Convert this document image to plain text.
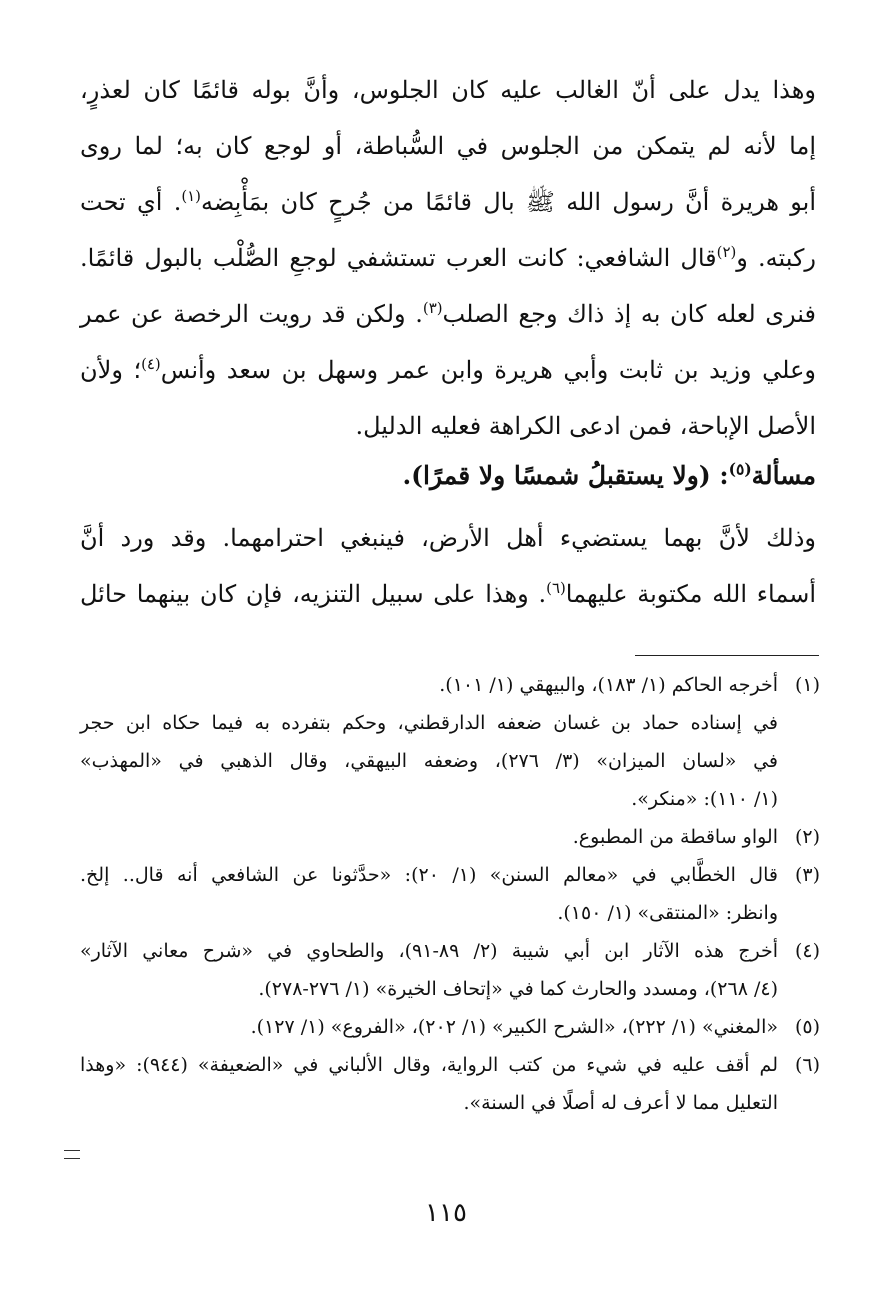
وهذا يدل على أنّ الغالب عليه كان الجلوس، وأنَّ بوله قائمًا كان لعذرٍ،
إما لأنه لم يتمكن من الجلوس في السُّباطة، أو لوجع كان به؛ لما روى
أبو هريرة أنَّ رسول الله ﷺ بال قائمًا من جُرحٍ كان بمَأْبِضه$^{(١)}$. أي تحت
ركبته. و$^{(٢)}$قال الشافعي: كانت العرب تستشفي لوجعِ الصُّلْب بالبول قائمًا.
فنرى لعله كان به إذ ذاك وجع الصلب$^{(٣)}$. ولكن قد رويت الرخصة عن عمر
وعلي وزيد بن ثابت وأبي هريرة وابن عمر وسهل بن سعد وأنس$^{(٤)}$؛ ولأن
الأصل الإباحة، فمن ادعى الكراهة فعليه الدليل.
مسألة$^{(٥)}$: (ولا يستقبلُ شمسًا ولا قمرًا).
وذلك لأنَّ بهما يستضيء أهل الأرض، فينبغي احترامهما. وقد ورد أنَّ
أسماء الله مكتوبة عليهما$^{(٦)}$. وهذا على سبيل التنزيه، فإن كان بينهما حائل
(١)
أخرجه الحاكم (١/ ١٨٣)، والبيهقي (١/ ١٠١).
في إسناده حماد بن غسان ضعفه الدارقطني، وحكم بتفرده به فيما حكاه ابن حجر
في «لسان الميزان» (٣/ ٢٧٦)، وضعفه البيهقي، وقال الذهبي في «المهذب»
(١/ ١١٠): «منكر».
(٢)
الواو ساقطة من المطبوع.
(٣)
قال الخطَّابي في «معالم السنن» (١/ ٢٠): «حدَّثونا عن الشافعي أنه قال.. إلخ.
وانظر: «المنتقى» (١/ ١٥٠).
(٤)
أخرج هذه الآثار ابن أبي شيبة (٢/ ٨٩-٩١)، والطحاوي في «شرح معاني الآثار»
(٤/ ٢٦٨)، ومسدد والحارث كما في «إتحاف الخيرة» (١/ ٢٧٦-٢٧٨).
(٥)
«المغني» (١/ ٢٢٢)، «الشرح الكبير» (١/ ٢٠٢)، «الفروع» (١/ ١٢٧).
(٦)
لم أقف عليه في شيء من كتب الرواية، وقال الألباني في «الضعيفة» (٩٤٤): «وهذا
التعليل مما لا أعرف له أصلًا في السنة».
١١٥
